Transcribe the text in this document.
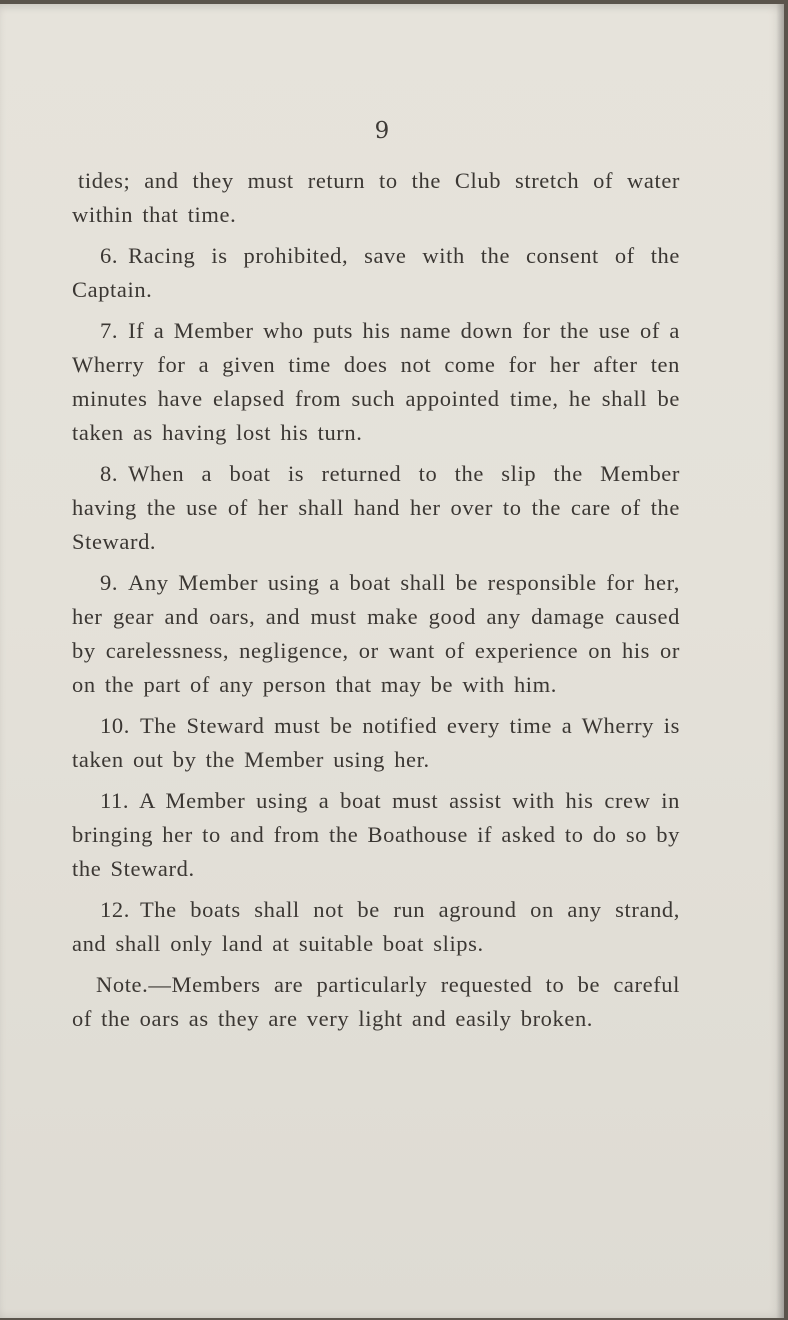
9

tides; and they must return to the Club stretch of water within that time.

6. Racing is prohibited, save with the consent of the Captain.

7. If a Member who puts his name down for the use of a Wherry for a given time does not come for her after ten minutes have elapsed from such appointed time, he shall be taken as having lost his turn.

8. When a boat is returned to the slip the Member having the use of her shall hand her over to the care of the Steward.

9. Any Member using a boat shall be responsible for her, her gear and oars, and must make good any damage caused by carelessness, negligence, or want of experience on his or on the part of any person that may be with him.

10. The Steward must be notified every time a Wherry is taken out by the Member using her.

11. A Member using a boat must assist with his crew in bringing her to and from the Boathouse if asked to do so by the Steward.

12. The boats shall not be run aground on any strand, and shall only land at suitable boat slips.

Note.—Members are particularly requested to be careful of the oars as they are very light and easily broken.
